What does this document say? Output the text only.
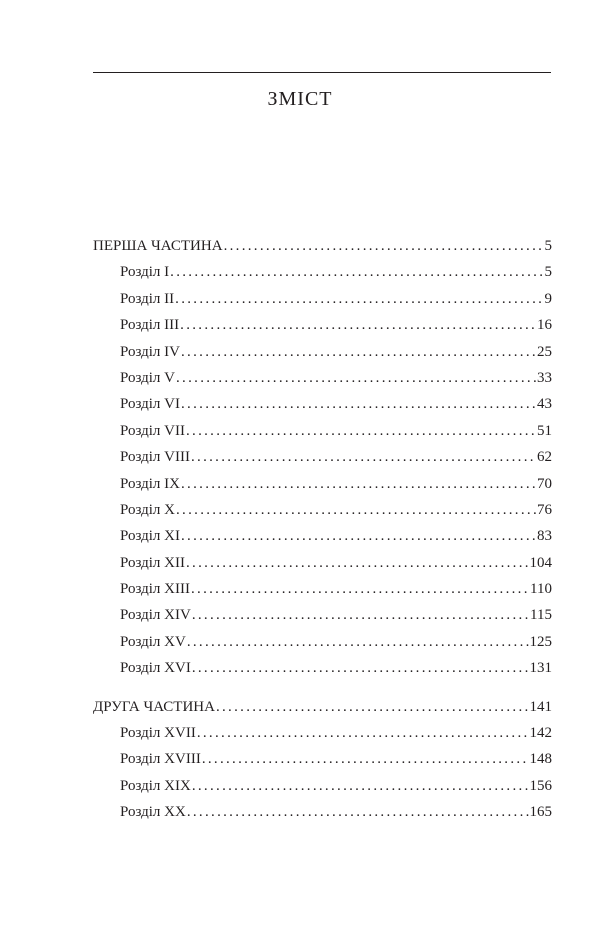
ЗМІСТ
ПЕРША ЧАСТИНА .....	5
Розділ I .....	5
Розділ II .....	9
Розділ III .....	16
Розділ IV .....	25
Розділ V .....	33
Розділ VI .....	43
Розділ VII .....	51
Розділ VIII .....	62
Розділ IX .....	70
Розділ X .....	76
Розділ XI .....	83
Розділ XII .....	104
Розділ XIII .....	110
Розділ XIV .....	115
Розділ XV .....	125
Розділ XVI .....	131
ДРУГА ЧАСТИНА .....	141
Розділ XVII .....	142
Розділ XVIII .....	148
Розділ XIX .....	156
Розділ XX .....	165
